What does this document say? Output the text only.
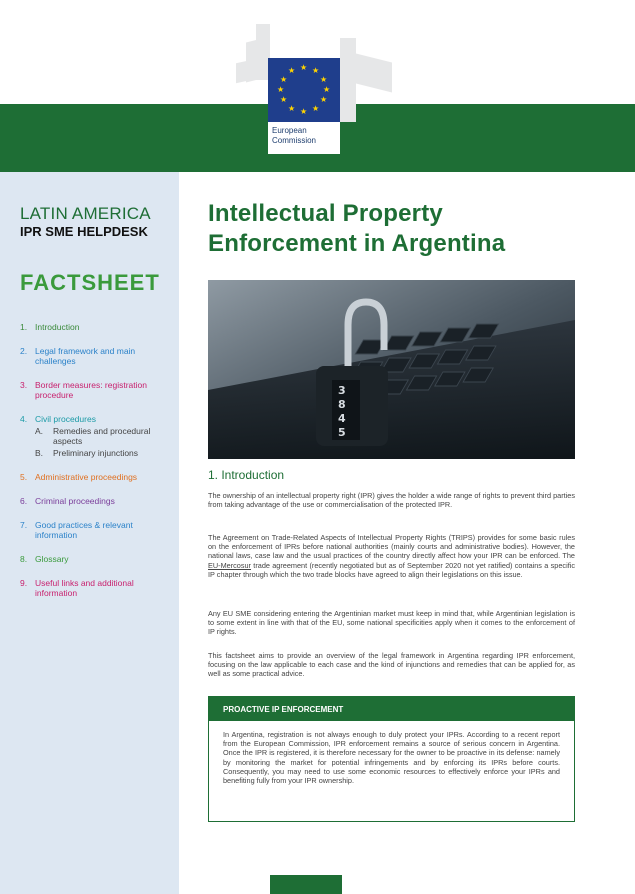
★ ★
★
★
★
★
★
★
★
★
★
★
European
Commission
LATIN AMERICA
IPR SME HELPDESK
FACTSHEET
1. Introduction
2. Legal framework and main challenges
3. Border measures: registration procedure
4. Civil procedures
A.	Remedies and procedural aspects
B.	Preliminary injunctions
5. Administrative proceedings
6. Criminal proceedings
7. Good practices & relevant information
8. Glossary
9. Useful links and additional information
Intellectual Property
Enforcement in Argentina
3
8
4
5
1. Introduction

The ownership of an intellectual property right (IPR) gives the holder a wide range of rights to prevent third parties from taking advantage of the use or commercialisation of the protected IPR.

The Agreement on Trade-Related Aspects of Intellectual Property Rights (TRIPS) provides for some basic rules on the enforcement of IPRs before national authorities (mainly courts and administrative bodies). However, the national laws, case law and the usual practices of the country directly affect how your IPR can be enforced. The EU-Mercosur trade agreement (recently negotiated but as of September 2020 not yet ratified) contains a specific IP chapter through which the two trade blocks have agreed to align their legislations on this issue.

Any EU SME considering entering the Argentinian market must keep in mind that, while Argentinian legislation is to some extent in line with that of the EU, some national specificities apply when it comes to the enforcement of IP rights.

This factsheet aims to provide an overview of the legal framework in Argentina regarding IPR enforcement, focusing on the law applicable to each case and the kind of injunctions and remedies that can be applied for, as well as some practical advice.

PROACTIVE IP ENFORCEMENT
In Argentina, registration is not always enough to duly protect your IPRs. According to a recent report from the European Commission, IPR enforcement remains a source of serious concern in Argentina. Once the IPR is registered, it is therefore necessary for the owner to be proactive in its defense: namely by monitoring the market for potential infringements and by enforcing its IPRs before courts. Consequently, you may need to use some economic resources to effectively enforce your IPRs and benefiting fully from your IPR ownership.
